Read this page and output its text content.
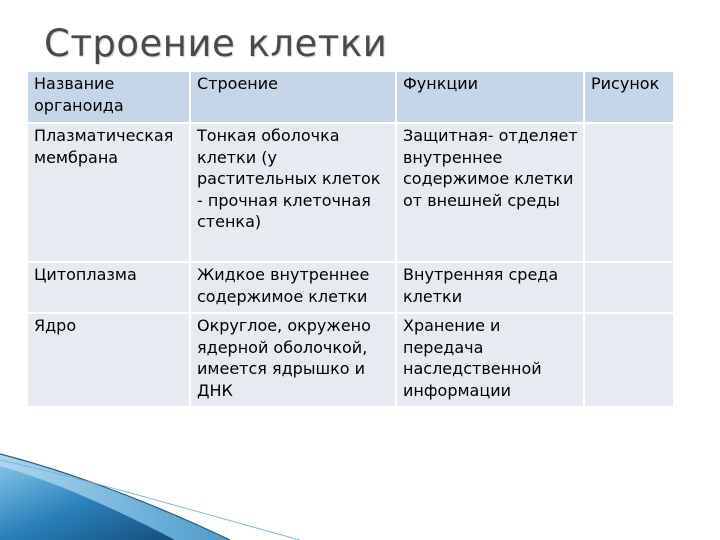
Строение клетки
Название органоида	Строение	Функции	Рисунок
Плазматическая мембрана	Тонкая оболочка клетки (у растительных клеток - прочная клеточная стенка)	Защитная- отделяет внутреннее содержимое клетки от внешней среды	
Цитоплазма	Жидкое внутреннее содержимое клетки	Внутренняя среда клетки	
Ядро	Округлое, окружено ядерной оболочкой, имеется ядрышко и ДНК	Хранение и передача наследственной информации	
